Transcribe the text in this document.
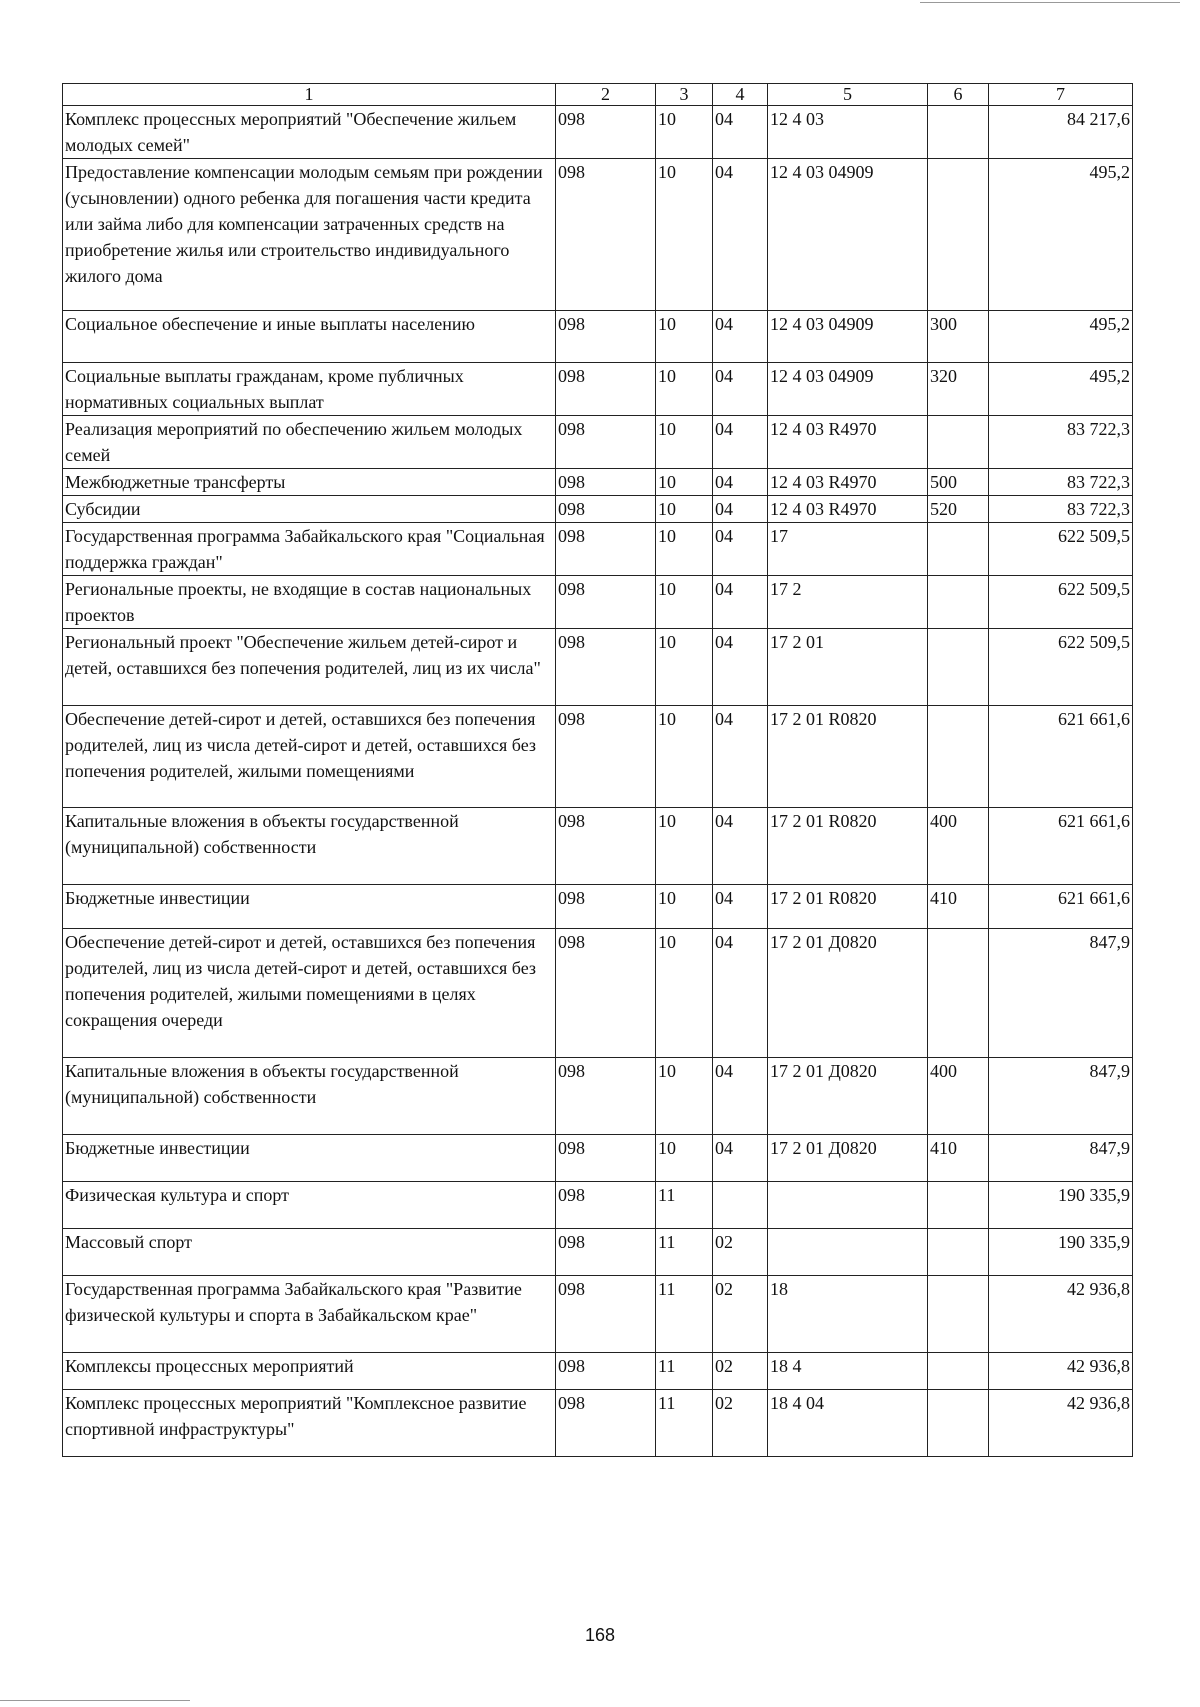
1	2	3	4	5	6	7
Комплекс процессных мероприятий "Обеспечение жильем молодых семей"	098	10	04	12 4 03		84 217,6
Предоставление компенсации молодым семьям при рождении (усыновлении) одного ребенка для погашения части кредита или займа либо для компенсации затраченных средств на приобретение жилья или строительство индивидуального жилого дома	098	10	04	12 4 03 04909		495,2
Социальное обеспечение и иные выплаты населению	098	10	04	12 4 03 04909	300	495,2
Социальные выплаты гражданам, кроме публичных нормативных социальных выплат	098	10	04	12 4 03 04909	320	495,2
Реализация мероприятий по обеспечению жильем молодых семей	098	10	04	12 4 03 R4970		83 722,3
Межбюджетные трансферты	098	10	04	12 4 03 R4970	500	83 722,3
Субсидии	098	10	04	12 4 03 R4970	520	83 722,3
Государственная программа Забайкальского края "Социальная поддержка граждан"	098	10	04	17		622 509,5
Региональные проекты, не входящие в состав национальных проектов	098	10	04	17 2		622 509,5
Региональный проект "Обеспечение жильем детей-сирот и детей, оставшихся без попечения родителей, лиц из их числа"	098	10	04	17 2 01		622 509,5
Обеспечение детей-сирот и детей, оставшихся без попечения родителей, лиц из числа детей-сирот и детей, оставшихся без попечения родителей, жилыми помещениями	098	10	04	17 2 01 R0820		621 661,6
Капитальные вложения в объекты государственной (муниципальной) собственности	098	10	04	17 2 01 R0820	400	621 661,6
Бюджетные инвестиции	098	10	04	17 2 01 R0820	410	621 661,6
Обеспечение детей-сирот и детей, оставшихся без попечения родителей, лиц из числа детей-сирот и детей, оставшихся без попечения родителей, жилыми помещениями в целях сокращения очереди	098	10	04	17 2 01 Д0820		847,9
Капитальные вложения в объекты государственной (муниципальной) собственности	098	10	04	17 2 01 Д0820	400	847,9
Бюджетные инвестиции	098	10	04	17 2 01 Д0820	410	847,9
Физическая культура и спорт	098	11				190 335,9
Массовый спорт	098	11	02			190 335,9
Государственная программа Забайкальского края "Развитие физической культуры и спорта в Забайкальском крае"	098	11	02	18		42 936,8
Комплексы процессных мероприятий	098	11	02	18 4		42 936,8
Комплекс процессных мероприятий "Комплексное развитие спортивной инфраструктуры"	098	11	02	18 4 04		42 936,8
168
